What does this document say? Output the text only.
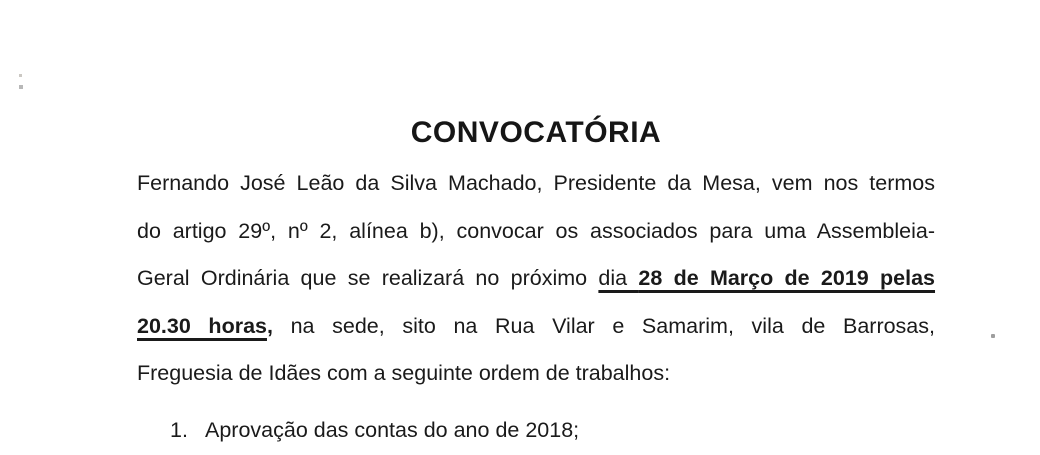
CONVOCATÓRIA
Fernando José Leão da Silva Machado, Presidente da Mesa, vem nos termos
do artigo 29º, nº 2, alínea b), convocar os associados para uma Assembleia-
Geral Ordinária que se realizará no próximo dia 28 de Março de 2019 pelas
20.30 horas, na sede, sito na Rua Vilar e Samarim, vila de Barrosas,
Freguesia de Idães com a seguinte ordem de trabalhos:
1. Aprovação das contas do ano de 2018;
